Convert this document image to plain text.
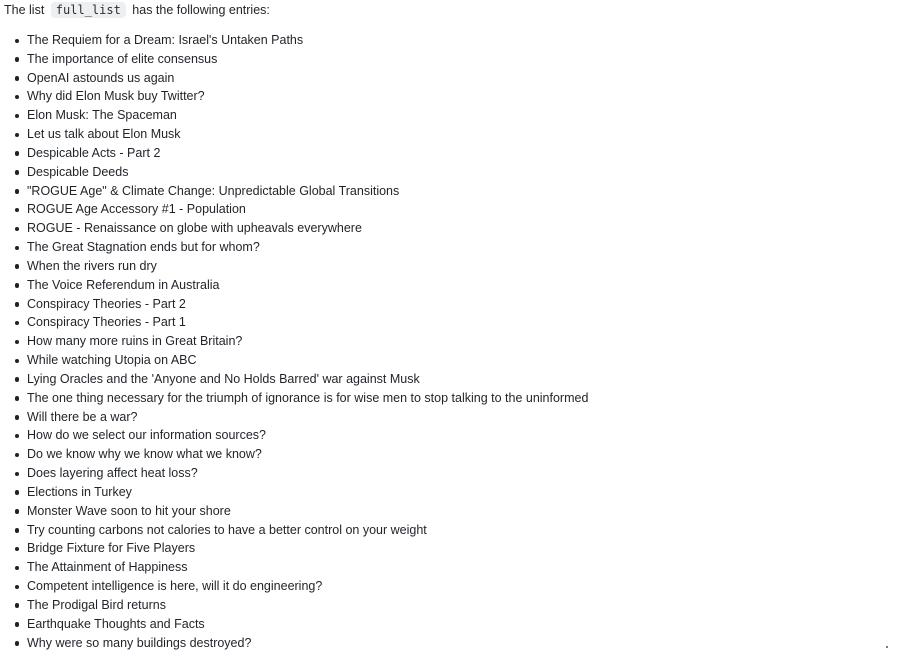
The list full_list has the following entries:
The Requiem for a Dream: Israel's Untaken Paths
The importance of elite consensus
OpenAI astounds us again
Why did Elon Musk buy Twitter?
Elon Musk: The Spaceman
Let us talk about Elon Musk
Despicable Acts - Part 2
Despicable Deeds
"ROGUE Age" & Climate Change: Unpredictable Global Transitions
ROGUE Age Accessory #1 - Population
ROGUE - Renaissance on globe with upheavals everywhere
The Great Stagnation ends but for whom?
When the rivers run dry
The Voice Referendum in Australia
Conspiracy Theories - Part 2
Conspiracy Theories - Part 1
How many more ruins in Great Britain?
While watching Utopia on ABC
Lying Oracles and the 'Anyone and No Holds Barred' war against Musk
The one thing necessary for the triumph of ignorance is for wise men to stop talking to the uninformed
Will there be a war?
How do we select our information sources?
Do we know why we know what we know?
Does layering affect heat loss?
Elections in Turkey
Monster Wave soon to hit your shore
Try counting carbons not calories to have a better control on your weight
Bridge Fixture for Five Players
The Attainment of Happiness
Competent intelligence is here, will it do engineering?
The Prodigal Bird returns
Earthquake Thoughts and Facts
Why were so many buildings destroyed?
